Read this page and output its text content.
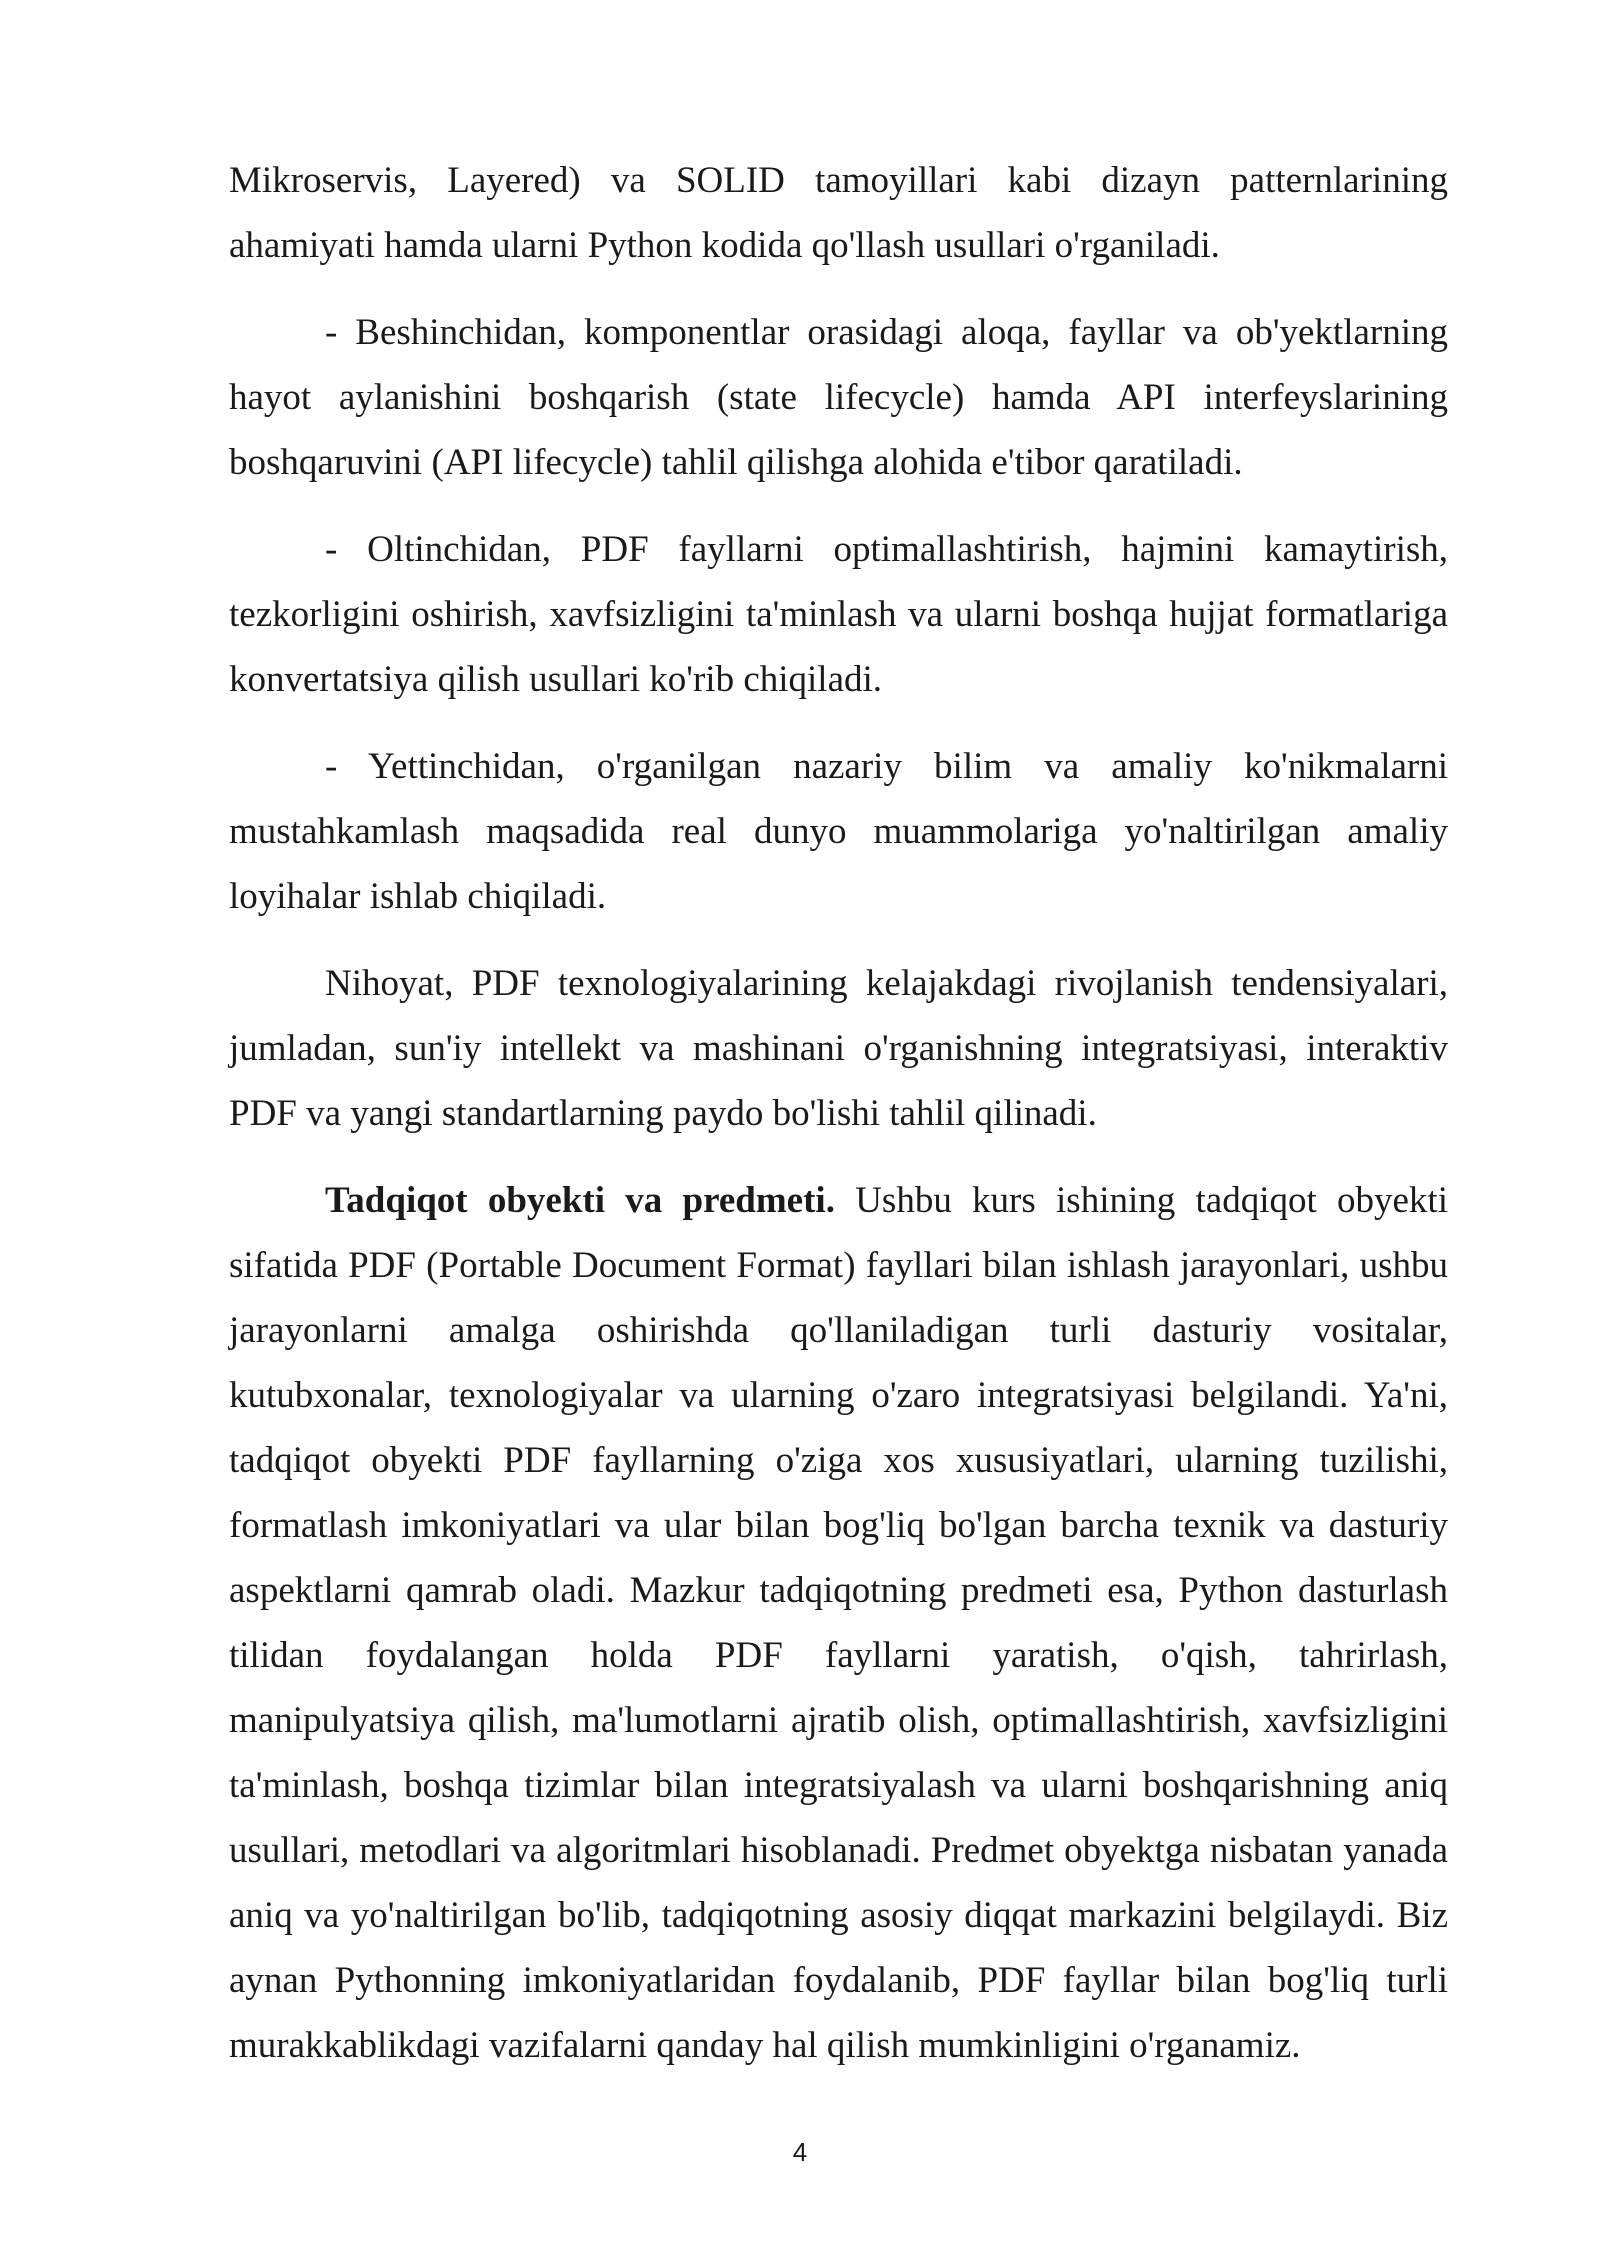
Mikroservis, Layered) va SOLID tamoyillari kabi dizayn patternlarining ahamiyati hamda ularni Python kodida qo'llash usullari o'rganiladi.

- Beshinchidan, komponentlar orasidagi aloqa, fayllar va ob'yektlarning hayot aylanishini boshqarish (state lifecycle) hamda API interfeyslarining boshqaruvini (API lifecycle) tahlil qilishga alohida e'tibor qaratiladi.

- Oltinchidan, PDF fayllarni optimallashtirish, hajmini kamaytirish, tezkorligini oshirish, xavfsizligini ta'minlash va ularni boshqa hujjat formatlariga konvertatsiya qilish usullari ko'rib chiqiladi.

- Yettinchidan, o'rganilgan nazariy bilim va amaliy ko'nikmalarni mustahkamlash maqsadida real dunyo muammolariga yo'naltirilgan amaliy loyihalar ishlab chiqiladi.

Nihoyat, PDF texnologiyalarining kelajakdagi rivojlanish tendensiyalari, jumladan, sun'iy intellekt va mashinani o'rganishning integratsiyasi, interaktiv PDF va yangi standartlarning paydo bo'lishi tahlil qilinadi.

Tadqiqot obyekti va predmeti. Ushbu kurs ishining tadqiqot obyekti sifatida PDF (Portable Document Format) fayllari bilan ishlash jarayonlari, ushbu jarayonlarni amalga oshirishda qo'llaniladigan turli dasturiy vositalar, kutubxonalar, texnologiyalar va ularning o'zaro integratsiyasi belgilandi. Ya'ni, tadqiqot obyekti PDF fayllarning o'ziga xos xususiyatlari, ularning tuzilishi, formatlash imkoniyatlari va ular bilan bog'liq bo'lgan barcha texnik va dasturiy aspektlarni qamrab oladi. Mazkur tadqiqotning predmeti esa, Python dasturlash tilidan foydalangan holda PDF fayllarni yaratish, o'qish, tahrirlash, manipulyatsiya qilish, ma'lumotlarni ajratib olish, optimallashtirish, xavfsizligini ta'minlash, boshqa tizimlar bilan integratsiyalash va ularni boshqarishning aniq usullari, metodlari va algoritmlari hisoblanadi. Predmet obyektga nisbatan yanada aniq va yo'naltirilgan bo'lib, tadqiqotning asosiy diqqat markazini belgilaydi. Biz aynan Pythonning imkoniyatlaridan foydalanib, PDF fayllar bilan bog'liq turli murakkablikdagi vazifalarni qanday hal qilish mumkinligini o'rganamiz.

4
